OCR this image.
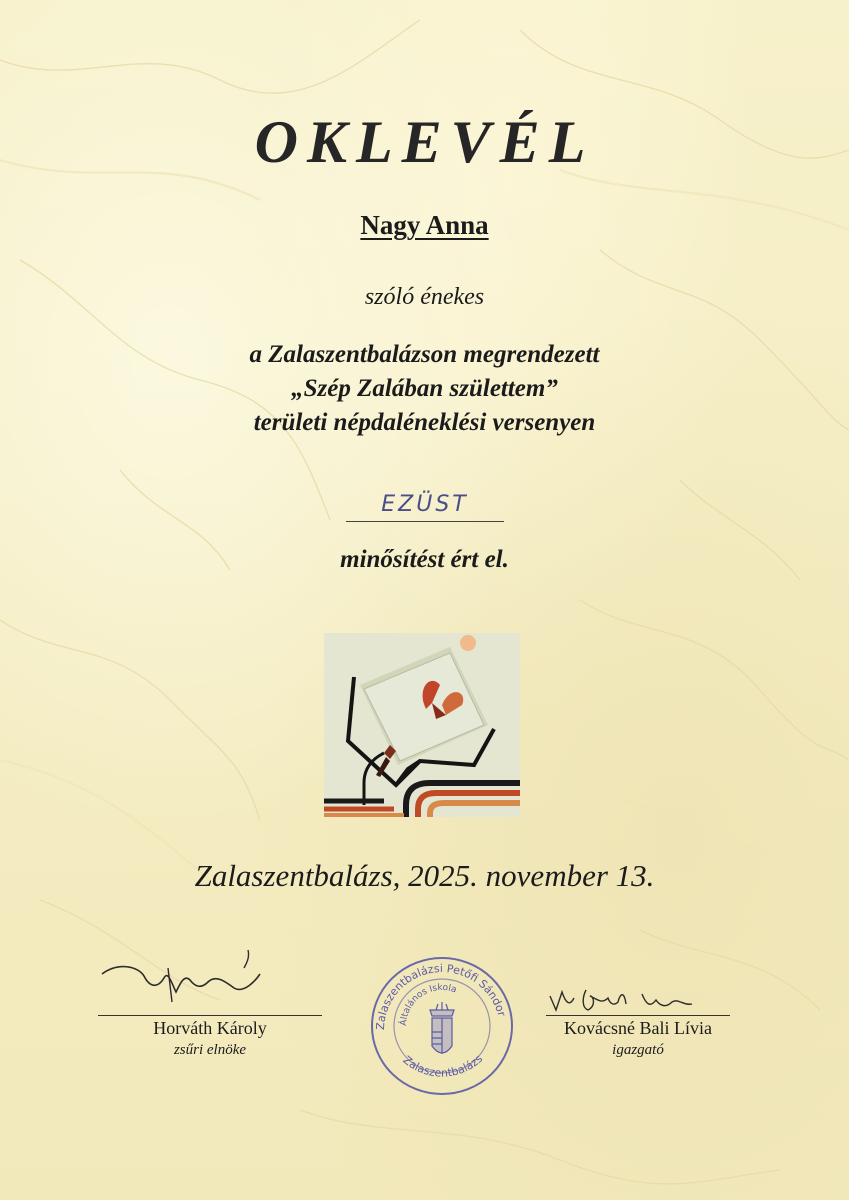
OKLEVÉL
Nagy Anna
szóló énekes
a Zalaszentbalázson megrendezett
„Szép Zalában születtem”
területi népdaléneklési versenyen
EZÜST
minősítést ért el.
Zalaszentbalázs, 2025. november 13.
Horváth Károly
zsűri elnöke
Kovácsné Bali Lívia
igazgató
Zalaszentbalázsi Petőfi Sándor
Általános Iskola
Zalaszentbalázs
